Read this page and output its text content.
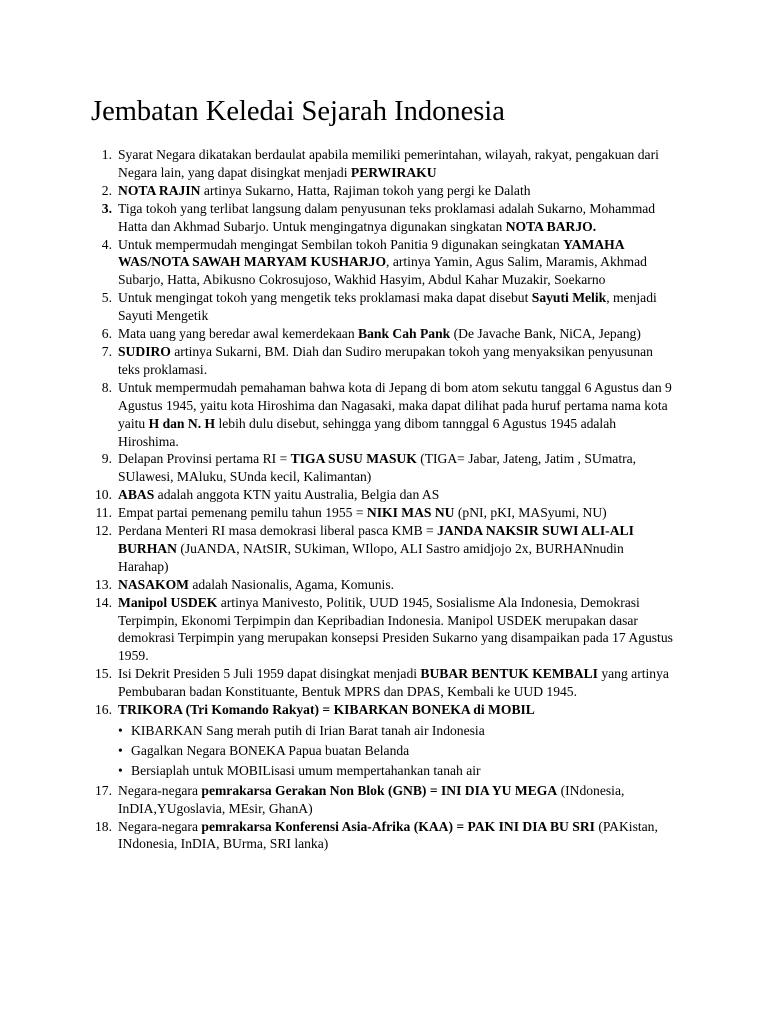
Jembatan Keledai Sejarah Indonesia
1. Syarat Negara dikatakan berdaulat apabila memiliki pemerintahan, wilayah, rakyat, pengakuan dari Negara lain, yang dapat disingkat menjadi PERWIRAKU
2. NOTA RAJIN artinya Sukarno, Hatta, Rajiman tokoh yang pergi ke Dalath
3. Tiga tokoh yang terlibat langsung dalam penyusunan teks proklamasi adalah Sukarno, Mohammad Hatta dan Akhmad Subarjo. Untuk mengingatnya digunakan singkatan NOTA BARJO.
4. Untuk mempermudah mengingat Sembilan tokoh Panitia 9 digunakan seingkatan YAMAHA WAS/NOTA SAWAH MARYAM KUSHARJO, artinya Yamin, Agus Salim, Maramis, Akhmad Subarjo, Hatta, Abikusno Cokrosujoso, Wakhid Hasyim, Abdul Kahar Muzakir, Soekarno
5. Untuk mengingat tokoh yang mengetik teks proklamasi maka dapat disebut Sayuti Melik, menjadi Sayuti Mengetik
6. Mata uang yang beredar awal kemerdekaan Bank Cah Pank (De Javache Bank, NiCA, Jepang)
7. SUDIRO artinya Sukarni, BM. Diah dan Sudiro merupakan tokoh yang menyaksikan penyusunan teks proklamasi.
8. Untuk mempermudah pemahaman bahwa kota di Jepang di bom atom sekutu tanggal 6 Agustus dan 9 Agustus 1945, yaitu kota Hiroshima dan Nagasaki, maka dapat dilihat pada huruf pertama nama kota yaitu H dan N. H lebih dulu disebut, sehingga yang dibom tannggal 6 Agustus 1945 adalah Hiroshima.
9. Delapan Provinsi pertama RI = TIGA SUSU MASUK (TIGA= Jabar, Jateng, Jatim , SUmatra, SUlawesi, MAluku, SUnda kecil, Kalimantan)
10. ABAS adalah anggota KTN yaitu Australia, Belgia dan AS
11. Empat partai pemenang pemilu tahun 1955 = NIKI MAS NU (pNI, pKI, MASyumi, NU)
12. Perdana Menteri RI masa demokrasi liberal pasca KMB = JANDA NAKSIR SUWI ALI-ALI BURHAN (JuANDA, NAtSIR, SUkiman, WIlopo, ALI Sastro amidjojo 2x, BURHANnudin Harahap)
13. NASAKOM adalah Nasionalis, Agama, Komunis.
14. Manipol USDEK artinya Manivesto, Politik, UUD 1945, Sosialisme Ala Indonesia, Demokrasi Terpimpin, Ekonomi Terpimpin dan Kepribadian Indonesia. Manipol USDEK merupakan dasar demokrasi Terpimpin yang merupakan konsepsi Presiden Sukarno yang disampaikan pada 17 Agustus 1959.
15. Isi Dekrit Presiden 5 Juli 1959 dapat disingkat menjadi BUBAR BENTUK KEMBALI yang artinya Pembubaran badan Konstituante, Bentuk MPRS dan DPAS, Kembali ke UUD 1945.
16. TRIKORA (Tri Komando Rakyat) = KIBARKAN BONEKA di MOBIL
• KIBARKAN Sang merah putih di Irian Barat tanah air Indonesia
• Gagalkan Negara BONEKA Papua buatan Belanda
• Bersiaplah untuk MOBILisasi umum mempertahankan tanah air
17. Negara-negara pemrakarsa Gerakan Non Blok (GNB) = INI DIA YU MEGA (INdonesia, InDIA,YUgoslavia, MEsir, GhanA)
18. Negara-negara pemrakarsa Konferensi Asia-Afrika (KAA) = PAK INI DIA BU SRI (PAKistan, INdonesia, InDIA, BUrma, SRI lanka)
